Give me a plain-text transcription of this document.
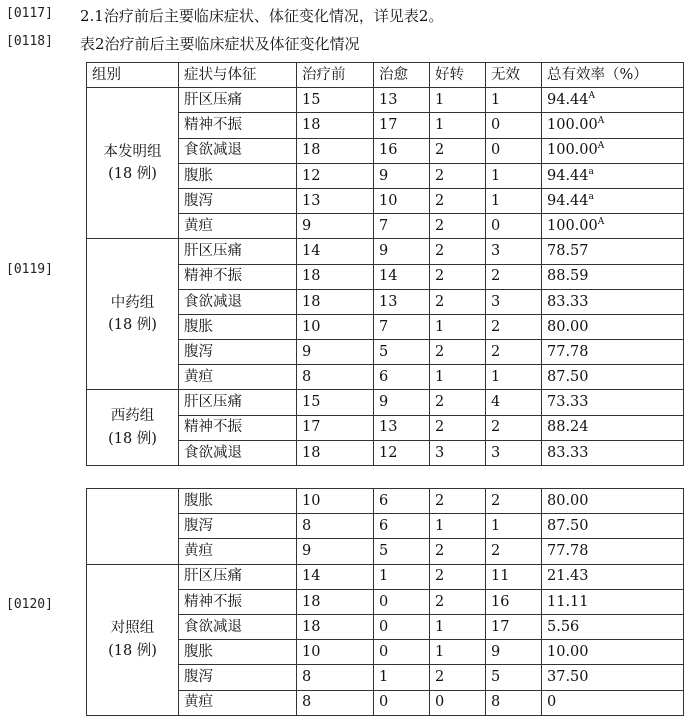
[0117] 2.1治疗前后主要临床症状、体征变化情况，详见表2。
[0118] 表2治疗前后主要临床症状及体征变化情况
[0119]
[0120]
组别	症状与体征	治疗前	治愈	好转	无效	总有效率（%）

本发明组
(18 例)	肝区压痛	15	13	1	1	$94.44^A$
	精神不振	18	17	1	0	$100.00^A$
	食欲减退	18	16	2	0	$100.00^A$
	腹胀	12	9	2	1	94.44$^a$
	腹泻	13	10	2	1	94.44$^a$
	黄疸	9	7	2	0	$100.00^A$

中药组
(18 例)	肝区压痛	14	9	2	3	78.57
	精神不振	18	14	2	2	88.59
	食欲减退	18	13	2	3	83.33
	腹胀	10	7	1	2	80.00
	腹泻	9	5	2	2	77.78
	黄疸	8	6	1	1	87.50

西药组
(18 例)	肝区压痛	15	9	2	4	73.33
	精神不振	17	13	2	2	88.24
	食欲减退	18	12	3	3	83.33
	腹胀	10	6	2	2	80.00
	腹泻	8	6	1	1	87.50
	黄疸	9	5	2	2	77.78

对照组
(18 例)	肝区压痛	14	1	2	11	21.43
	精神不振	18	0	2	16	11.11
	食欲减退	18	0	1	17	5.56
	腹胀	10	0	1	9	10.00
	腹泻	8	1	2	5	37.50
	黄疸	8	0	0	8	0
